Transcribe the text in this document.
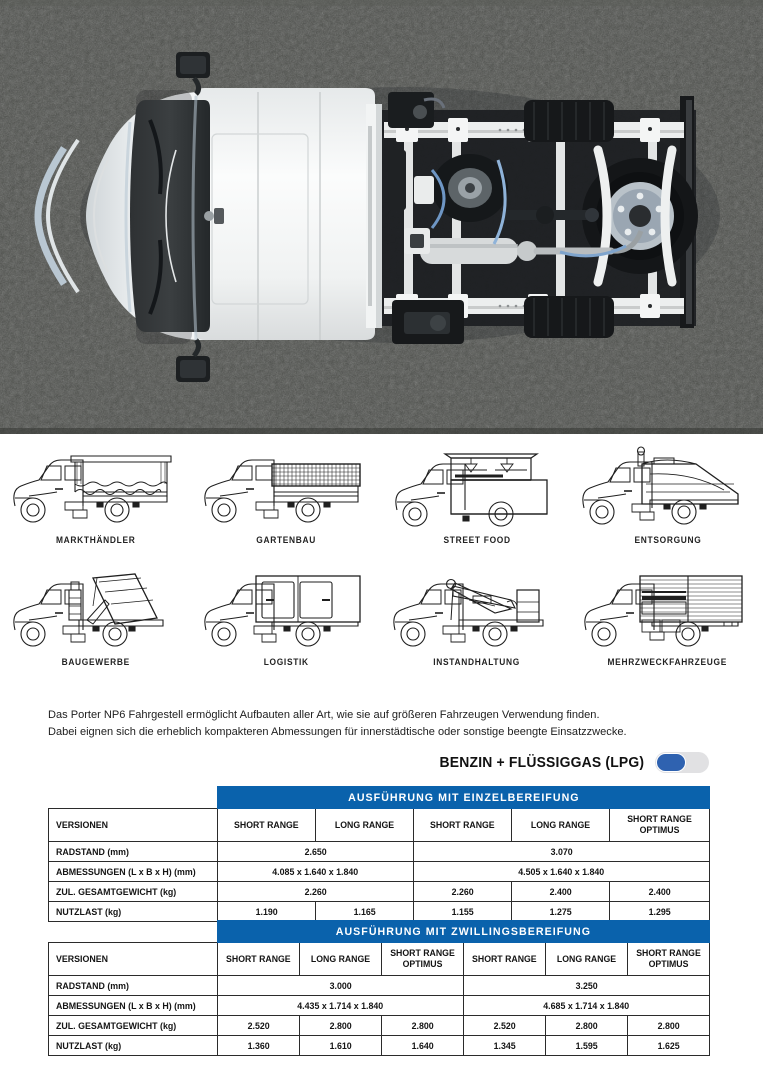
MARKTHÄNDLER	GARTENBAU	STREET FOOD	ENTSORGUNG
BAUGEWERBE	LOGISTIK	INSTANDHALTUNG	MEHRZWECKFAHRZEUGE

Das Porter NP6 Fahrgestell ermöglicht Aufbauten aller Art, wie sie auf größeren Fahrzeugen Verwendung finden.

Dabei eignen sich die erheblich kompakteren Abmessungen für innerstädtische oder sonstige beengte Einsatzzwecke.

BENZIN + FLÜSSIGGAS (LPG)
	AUSFÜHRUNG MIT EINZELBEREIFUNG				
VERSIONEN	SHORT RANGE	LONG RANGE	SHORT RANGE	LONG RANGE	SHORT RANGE OPTIMUS
RADSTAND (mm)	2.650		3.070		
ABMESSUNGEN (L x B x H) (mm)	4.085 x 1.640 x 1.840		4.505 x 1.640 x 1.840		
ZUL. GESAMTGEWICHT (kg)	2.260		2.260	2.400	2.400
NUTZLAST (kg)	1.190	1.165	1.155	1.275	1.295
	AUSFÜHRUNG MIT ZWILLINGSBEREIFUNG					
VERSIONEN	SHORT RANGE	LONG RANGE	SHORT RANGE OPTIMUS	SHORT RANGE	LONG RANGE	SHORT RANGE OPTIMUS
RADSTAND (mm)	3.000			3.250		
ABMESSUNGEN (L x B x H) (mm)	4.435 x 1.714 x 1.840			4.685 x 1.714 x 1.840		
ZUL. GESAMTGEWICHT (kg)	2.520	2.800	2.800	2.520	2.800	2.800
NUTZLAST (kg)	1.360	1.610	1.640	1.345	1.595	1.625
